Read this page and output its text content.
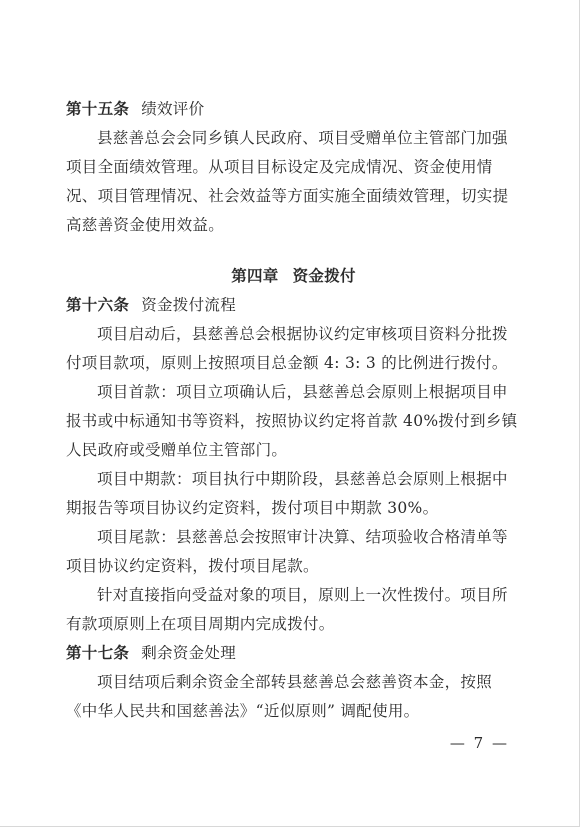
第十五条 绩效评价

县慈善总会会同乡镇人民政府、项目受赠单位主管部门加强项目全面绩效管理。从项目目标设定及完成情况、资金使用情况、项目管理情况、社会效益等方面实施全面绩效管理，切实提高慈善资金使用效益。

第四章 资金拨付

第十六条 资金拨付流程

项目启动后，县慈善总会根据协议约定审核项目资料分批拨付项目款项，原则上按照项目总金额 4: 3: 3 的比例进行拨付。

项目首款：项目立项确认后，县慈善总会原则上根据项目申报书或中标通知书等资料，按照协议约定将首款 40%拨付到乡镇人民政府或受赠单位主管部门。

项目中期款：项目执行中期阶段，县慈善总会原则上根据中期报告等项目协议约定资料，拨付项目中期款 30%。

项目尾款：县慈善总会按照审计决算、结项验收合格清单等项目协议约定资料，拨付项目尾款。

针对直接指向受益对象的项目，原则上一次性拨付。项目所有款项原则上在项目周期内完成拨付。

第十七条 剩余资金处理

项目结项后剩余资金全部转县慈善总会慈善资本金，按照《中华人民共和国慈善法》“近似原则” 调配使用。

— 7 —
